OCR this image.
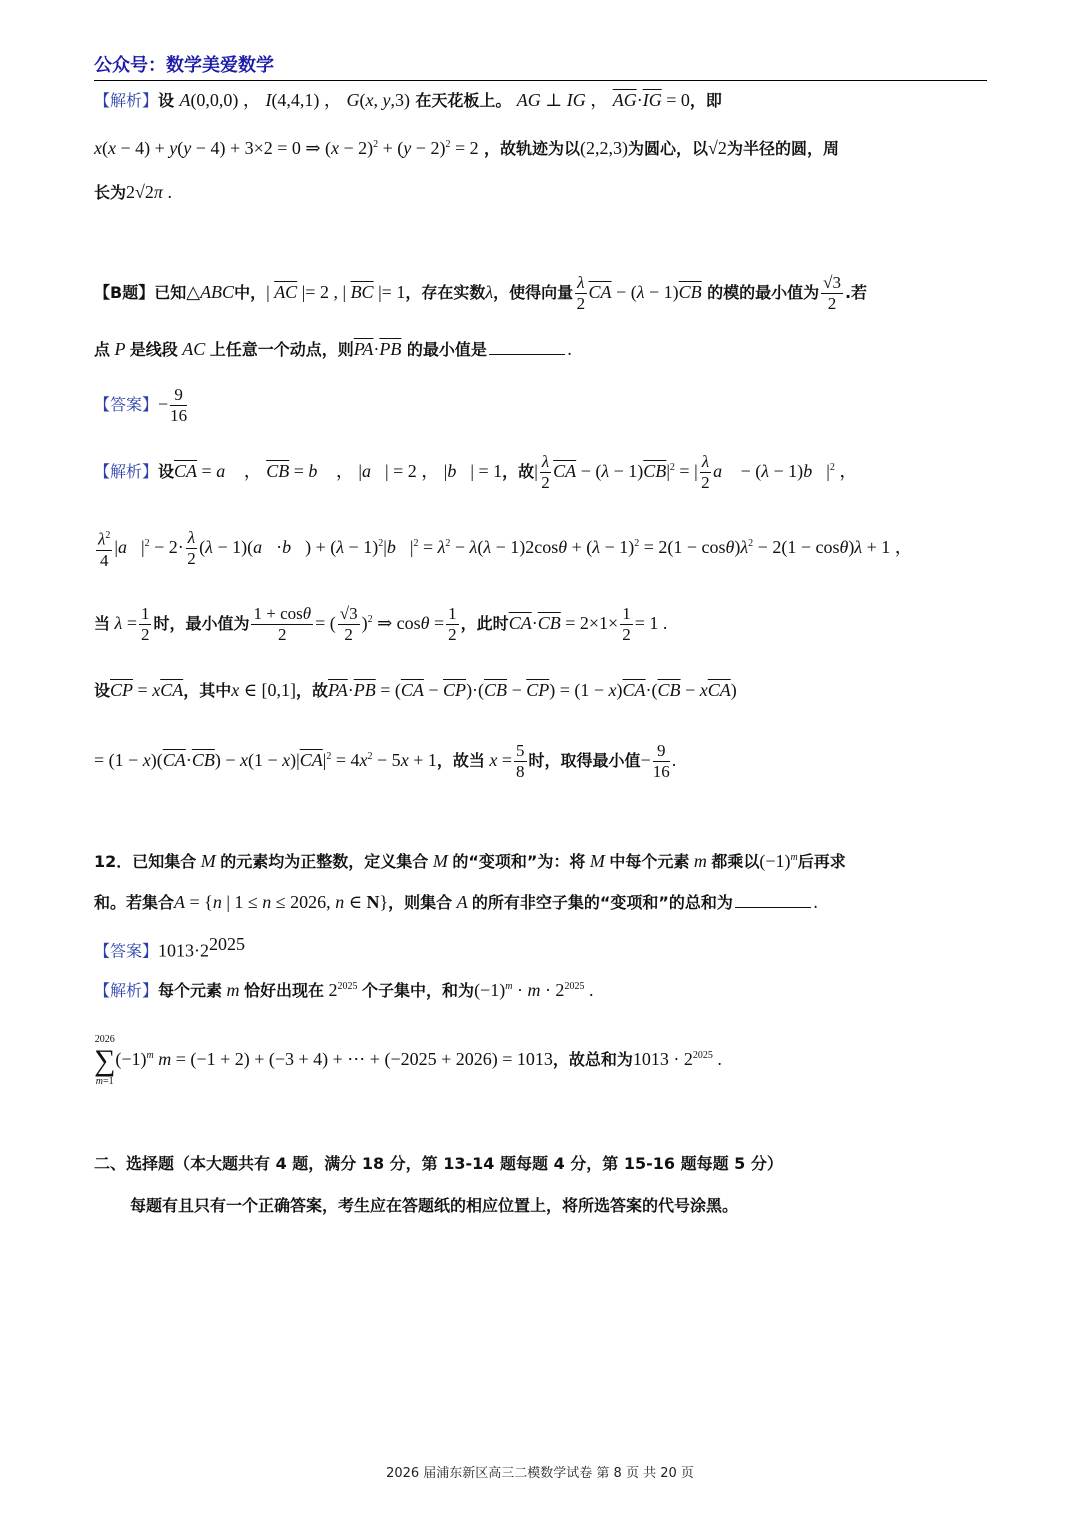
公众号：数学美爱数学
【解析】设 A(0,0,0) ， I(4,4,1) ， G(x, y,3) 在天花板上。 AG ⊥ IG ， $\overline{AG}\cdot\overline{IG} = 0$，即
x(x − 4) + y(y − 4) + 3×2 = 0 ⇒ $(x - 2)^2 + (y - 2)^2 = 2$ ，故轨迹为以(2,2,3)为圆心，以√2为半径的圆，周
长为2√2π .
【B题】已知△ABC中，| $\overline{AC}$ |= 2 , | $\overline{BC}$ |= 1，存在实数λ，使得向量 $\frac{\lambda}{2} \overline{CA} - (\lambda - 1)\overline{CB}$ 的模的最小值为 $\frac{√3}{2}$ .若
点 P 是线段 AC 上任意一个动点，则$\overline{PA}\cdot\overline{PB}$ 的最小值是	.
【答案】− $\frac{9}{16}$
【解析】设$\overline{CA}$ = a⃗ ， $\overline{CB}$ = b⃗ ， |a⃗| = 2 ， |b⃗| = 1，故| $\frac{\lambda}{2} \overline{CA} - (\lambda - 1)\overline{CB}|^2$ = | $\frac{\lambda}{2}$ a⃗ − $(\lambda - 1)b⃗|^2$ ，
$\frac{\lambda^2}{4}$ $|a⃗|^2 - 2\cdot \frac{\lambda}{2} (\lambda$ − 1)(a⃗·b⃗) + $(\lambda - 1)^2|b⃗|^2 = \lambda^2 - \lambda(\lambda - 1)2\cos\theta + (\lambda - 1)^2 = 2(1 - \cos\theta)\lambda^2 - 2(1 - \cos\theta)\lambda + 1$ ，
当 $\lambda = \frac{1}{2}$ 时，最小值为 $\frac{1 + \cos\theta}{2}$ = ( $\frac{√3}{2} )^2$ ⇒ $\cos\theta = \frac{1}{2}$ ，此时$\overline{CA}\cdot\overline{CB} = 2\times 1\times \frac{1}{2} = 1$ .
设$\overline{CP} = x\overline{CA}$，其中x ∈ [0,1]，故$\overline{PA}\cdot\overline{PB} = (\overline{CA} - \overline{CP})\cdot(\overline{CB} - \overline{CP}) = (1 - x)\overline{CA}\cdot(\overline{CB} - x\overline{CA})$
= $(1 - x)(\overline{CA}\cdot\overline{CB}) - x(1 - x)|\overline{CA}|^2 = 4x^2 - 5x + 1$，故当 $x = \frac{5}{8}$ 时，取得最小值− $\frac{9}{16}$ .
12．已知集合 M 的元素均为正整数，定义集合 M 的“变项和”为：将 M 中每个元素 m 都乘以$(-1)^m$后再求
和。若集合A = {n | 1 ≤ n ≤ 2026, n ∈ N}，则集合 A 的所有非空子集的“变项和”的总和为	.
【答案】$1013\cdot 2^{2025}$
【解析】每个元素 m 恰好出现在 $2^{2025}$ 个子集中，和为$(-1)^m \cdot m \cdot 2^{2025}$ .
2026
∑
m=1
$(-1)^m$ m = (−1 + 2) + (−3 + 4) + ⋯ + (−2025 + 2026) = 1013，故总和为$1013 \cdot 2^{2025}$ .
二、选择题（本大题共有 4 题，满分 18 分，第 13-14 题每题 4 分，第 15-16 题每题 5 分）
每题有且只有一个正确答案，考生应在答题纸的相应位置上，将所选答案的代号涂黑。
2026 届浦东新区高三二模数学试卷 第 8 页 共 20 页
